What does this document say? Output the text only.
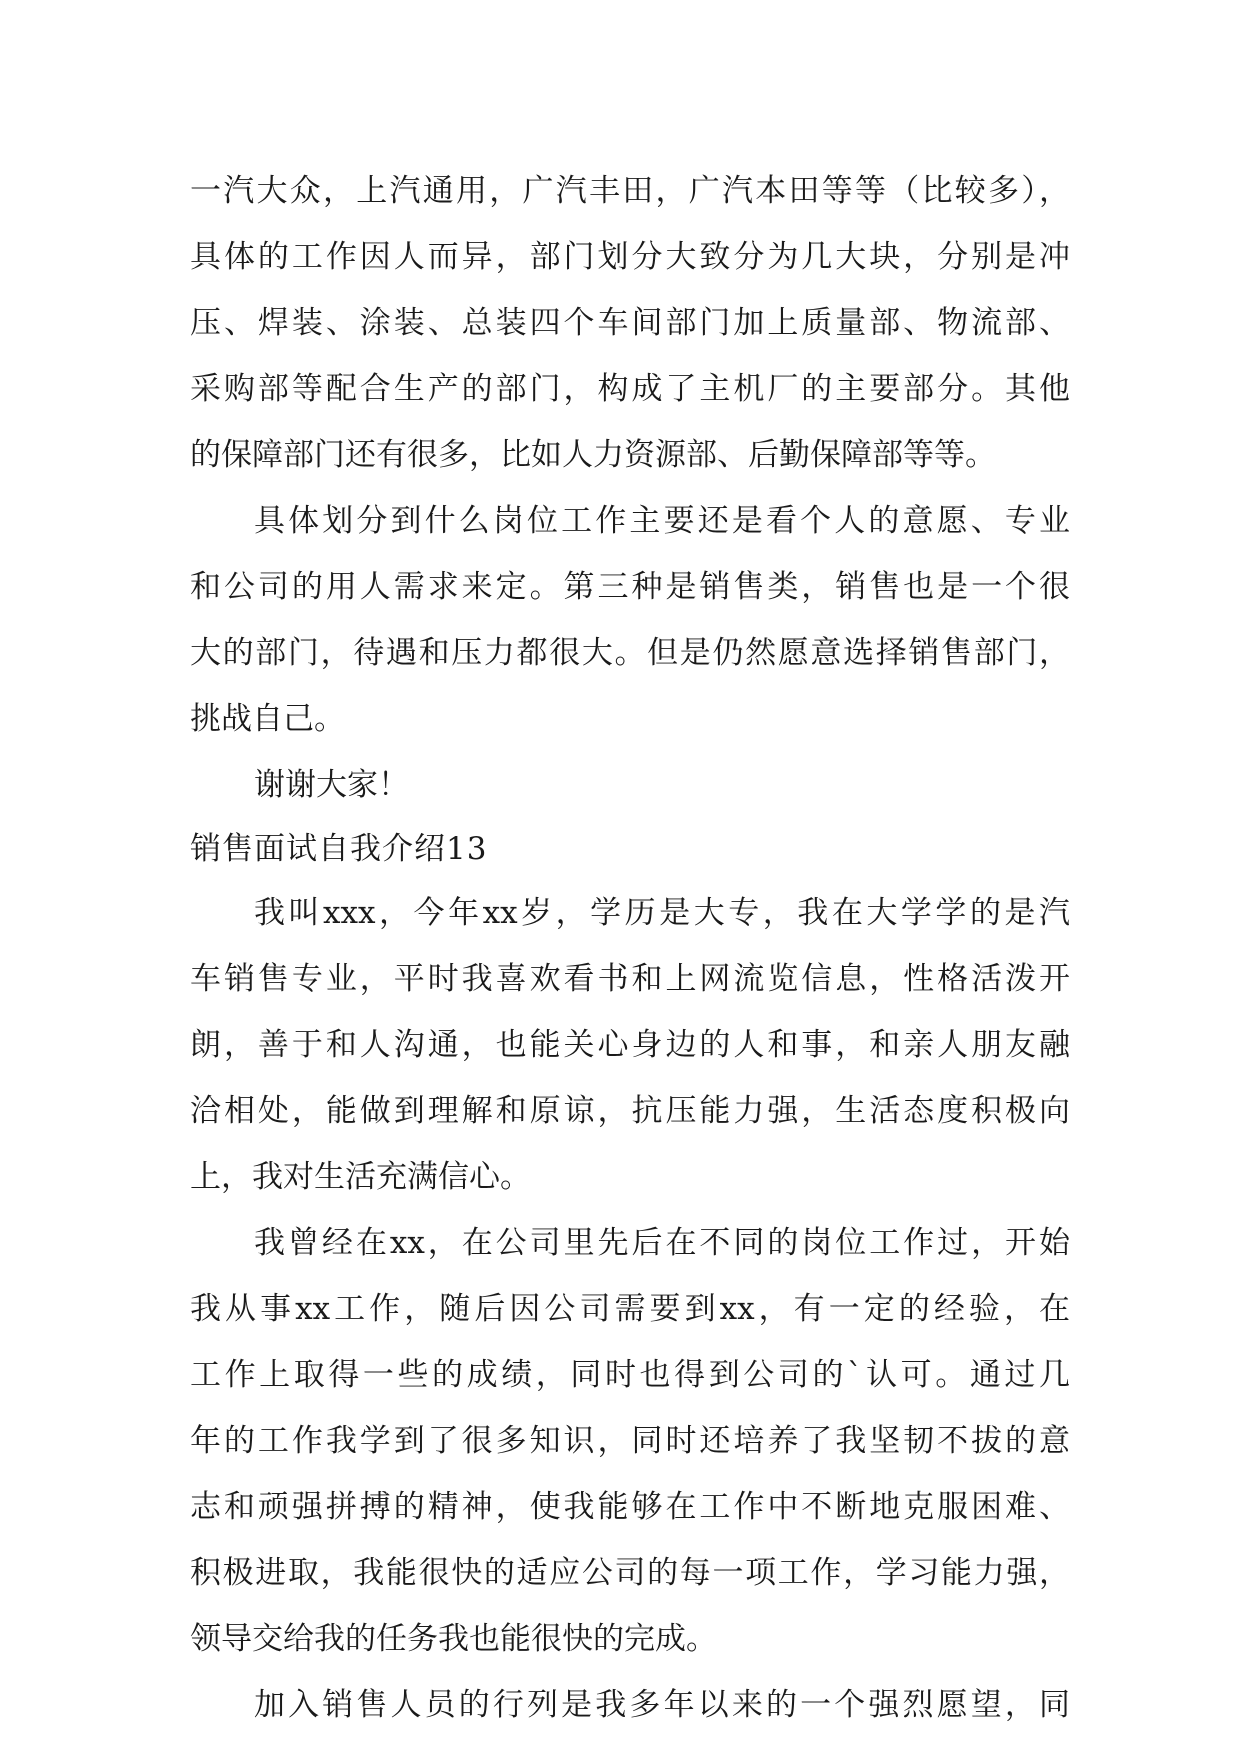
一汽大众，上汽通用，广汽丰田，广汽本田等等（比较多），
具体的工作因人而异，部门划分大致分为几大块，分别是冲
压、焊装、涂装、总装四个车间部门加上质量部、物流部、
采购部等配合生产的部门，构成了主机厂的主要部分。其他
的保障部门还有很多，比如人力资源部、后勤保障部等等。
具体划分到什么岗位工作主要还是看个人的意愿、专业
和公司的用人需求来定。第三种是销售类，销售也是一个很
大的部门，待遇和压力都很大。但是仍然愿意选择销售部门，
挑战自己。
谢谢大家！
销售面试自我介绍13
我叫xxx，今年xx岁，学历是大专，我在大学学的是汽
车销售专业，平时我喜欢看书和上网流览信息，性格活泼开
朗，善于和人沟通，也能关心身边的人和事，和亲人朋友融
洽相处，能做到理解和原谅，抗压能力强，生活态度积极向
上，我对生活充满信心。
我曾经在xx，在公司里先后在不同的岗位工作过，开始
我从事xx工作，随后因公司需要到xx，有一定的经验，在
工作上取得一些的成绩，同时也得到公司的`认可。通过几
年的工作我学到了很多知识，同时还培养了我坚韧不拔的意
志和顽强拼搏的精神，使我能够在工作中不断地克服困难、
积极进取，我能很快的适应公司的每一项工作，学习能力强，
领导交给我的任务我也能很快的完成。
加入销售人员的行列是我多年以来的一个强烈愿望，同
